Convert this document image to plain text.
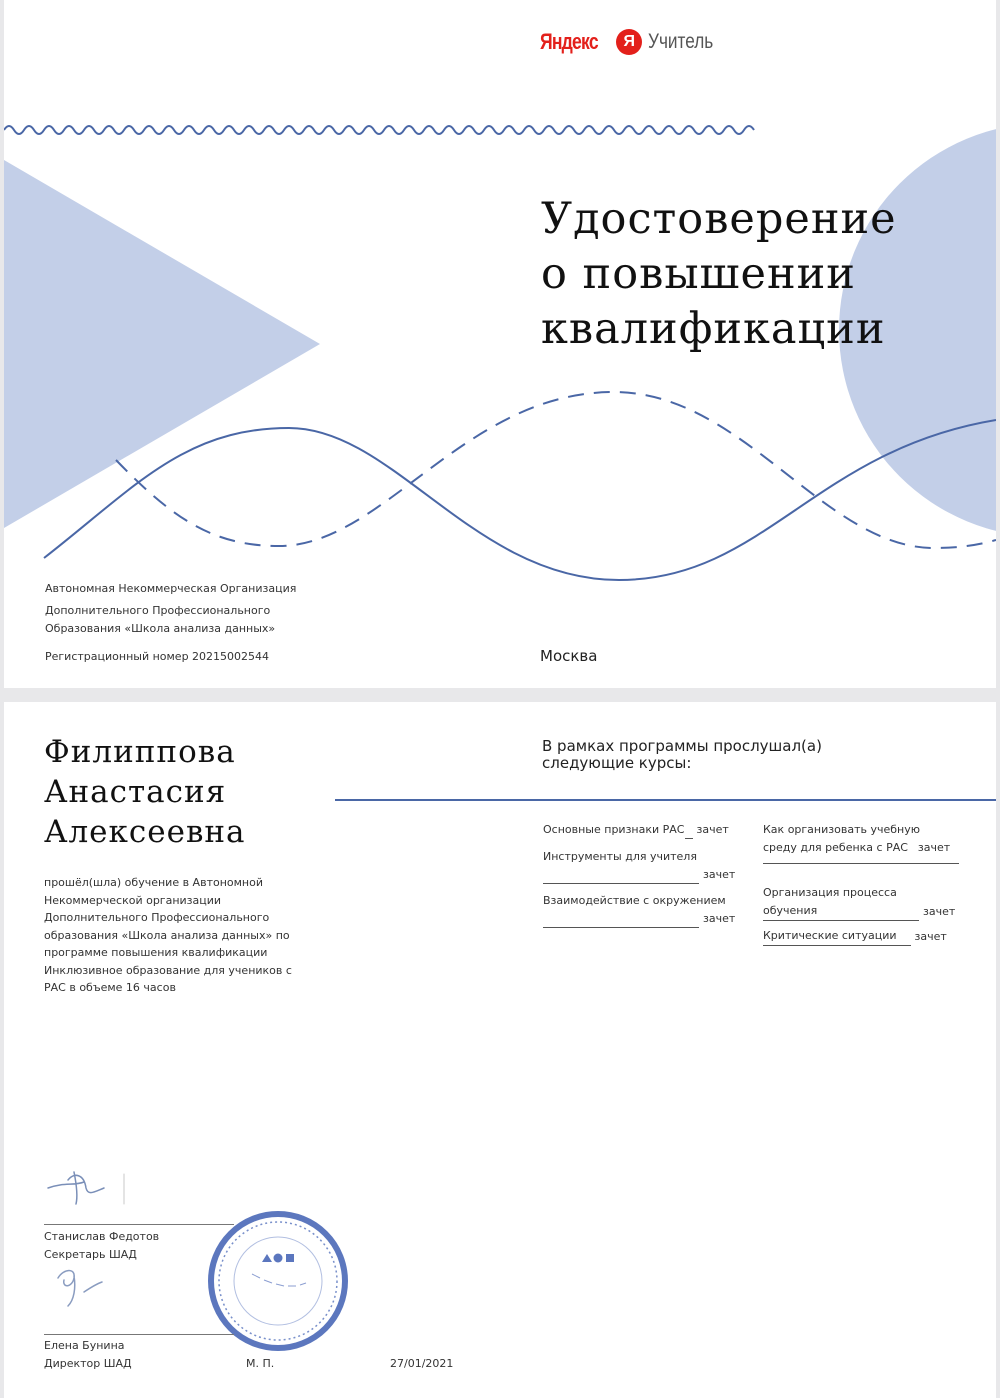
Яндекс	Я Учитель
Удостоверение
о повышении
квалификации
Автономная Некоммерческая Организация
Дополнительного Профессионального
Образования «Школа анализа данных»
Регистрационный номер 20215002544	Москва
Филиппова
Анастасия
Алексеевна

прошёл(шла) обучение в Автономной Некоммерческой организации Дополнительного Профессионального образования «Школа анализа данных» по программе повышения квалификации Инклюзивное образование для учеников с РАС в объеме 16 часов

В рамках программы прослушал(а)
следующие курсы:
Основные признаки РАС зачет
Инструменты для учителя
зачет
Взаимодействие с окружением
зачет
Как организовать учебную
среду для ребенка с РАС зачет
Организация процесса
обучения	зачет
Критические ситуации зачет
Станислав Федотов
Секретарь ШАД
Елена Бунина
Директор ШАД	М. П.	27/01/2021
